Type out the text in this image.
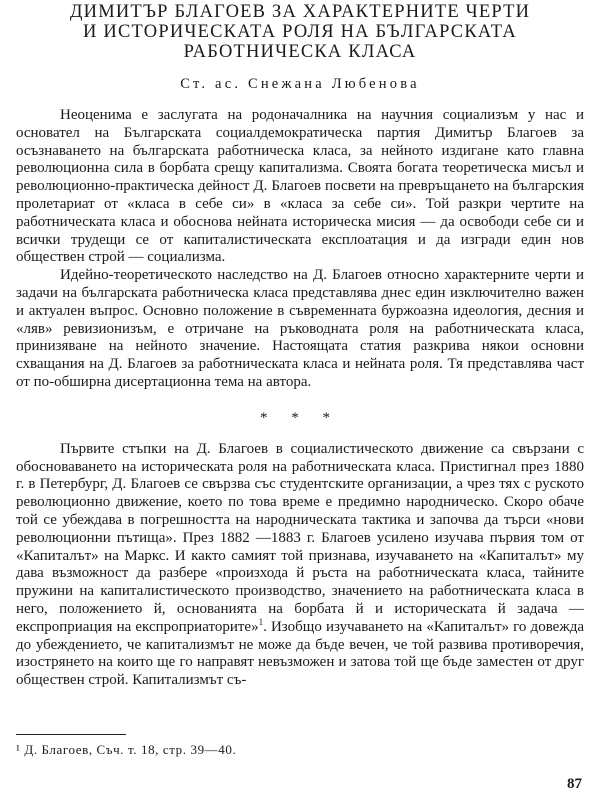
ДИМИТЪР БЛАГОЕВ ЗА ХАРАКТЕРНИТЕ ЧЕРТИ
И ИСТОРИЧЕСКАТА РОЛЯ НА БЪЛГАРСКАТА
РАБОТНИЧЕСКА КЛАСА
Ст. ас. Снежана Любенова

Неоценима е заслугата на родоначалника на научния социализъм у нас и основател на Българската социалдемократическа партия Димитър Благоев за осъзнаването на българската работническа класа, за нейното издигане като главна революционна сила в борбата срещу капитализма. Своята богата теоретическа мисъл и революционно-практическа дейност Д. Благоев посвети на превръщането на българския пролетариат от «класа в себе си» в «класа за себе си». Той разкри чертите на работническата класа и обоснова нейната историческа мисия — да освободи себе си и всички трудещи се от капиталистическата експлоатация и да изгради един нов обществен строй — социализма.

Идейно-теоретическото наследство на Д. Благоев относно характерните черти и задачи на българската работническа класа представлява днес един изключително важен и актуален въпрос. Основно положение в съвременната буржоазна идеология, десния и «ляв» ревизионизъм, е отричане на ръководната роля на работническата класа, принизяване на нейното значение. Настоящата статия разкрива някои основни схващания на Д. Благоев за работническата класа и нейната роля. Тя представлява част от по-обширна дисертационна тема на автора.

* * *

Първите стъпки на Д. Благоев в социалистическото движение са свързани с обосноваването на историческата роля на работническата класа. Пристигнал през 1880 г. в Петербург, Д. Благоев се свързва със студентските организации, а чрез тях с руското революционно движение, което по това време е предимно народническо. Скоро обаче той се убеждава в погрешността на народническата тактика и започва да търси «нови революционни пътища». През 1882 —1883 г. Благоев усилено изучава първия том от «Капиталът» на Маркс. И както самият той признава, изучаването на «Капиталът» му дава възможност да разбере «произхода й ръста на работническата класа, тайните пружини на капиталистическото производство, значението на работническата класа в него, положението й, основанията на борбата й и историческата й задача — експроприация на експроприаторите»$^1$. Изобщо изучаването на «Капиталът» го довежда до убеждението, че капитализмът не може да бъде вечен, че той развива противоречия, изострянето на които ще го направят невъзможен и затова той ще бъде заместен от друг обществен строй. Капитализмът съ-

¹ Д. Благоев, Съч. т. 18, стр. 39—40.
87
